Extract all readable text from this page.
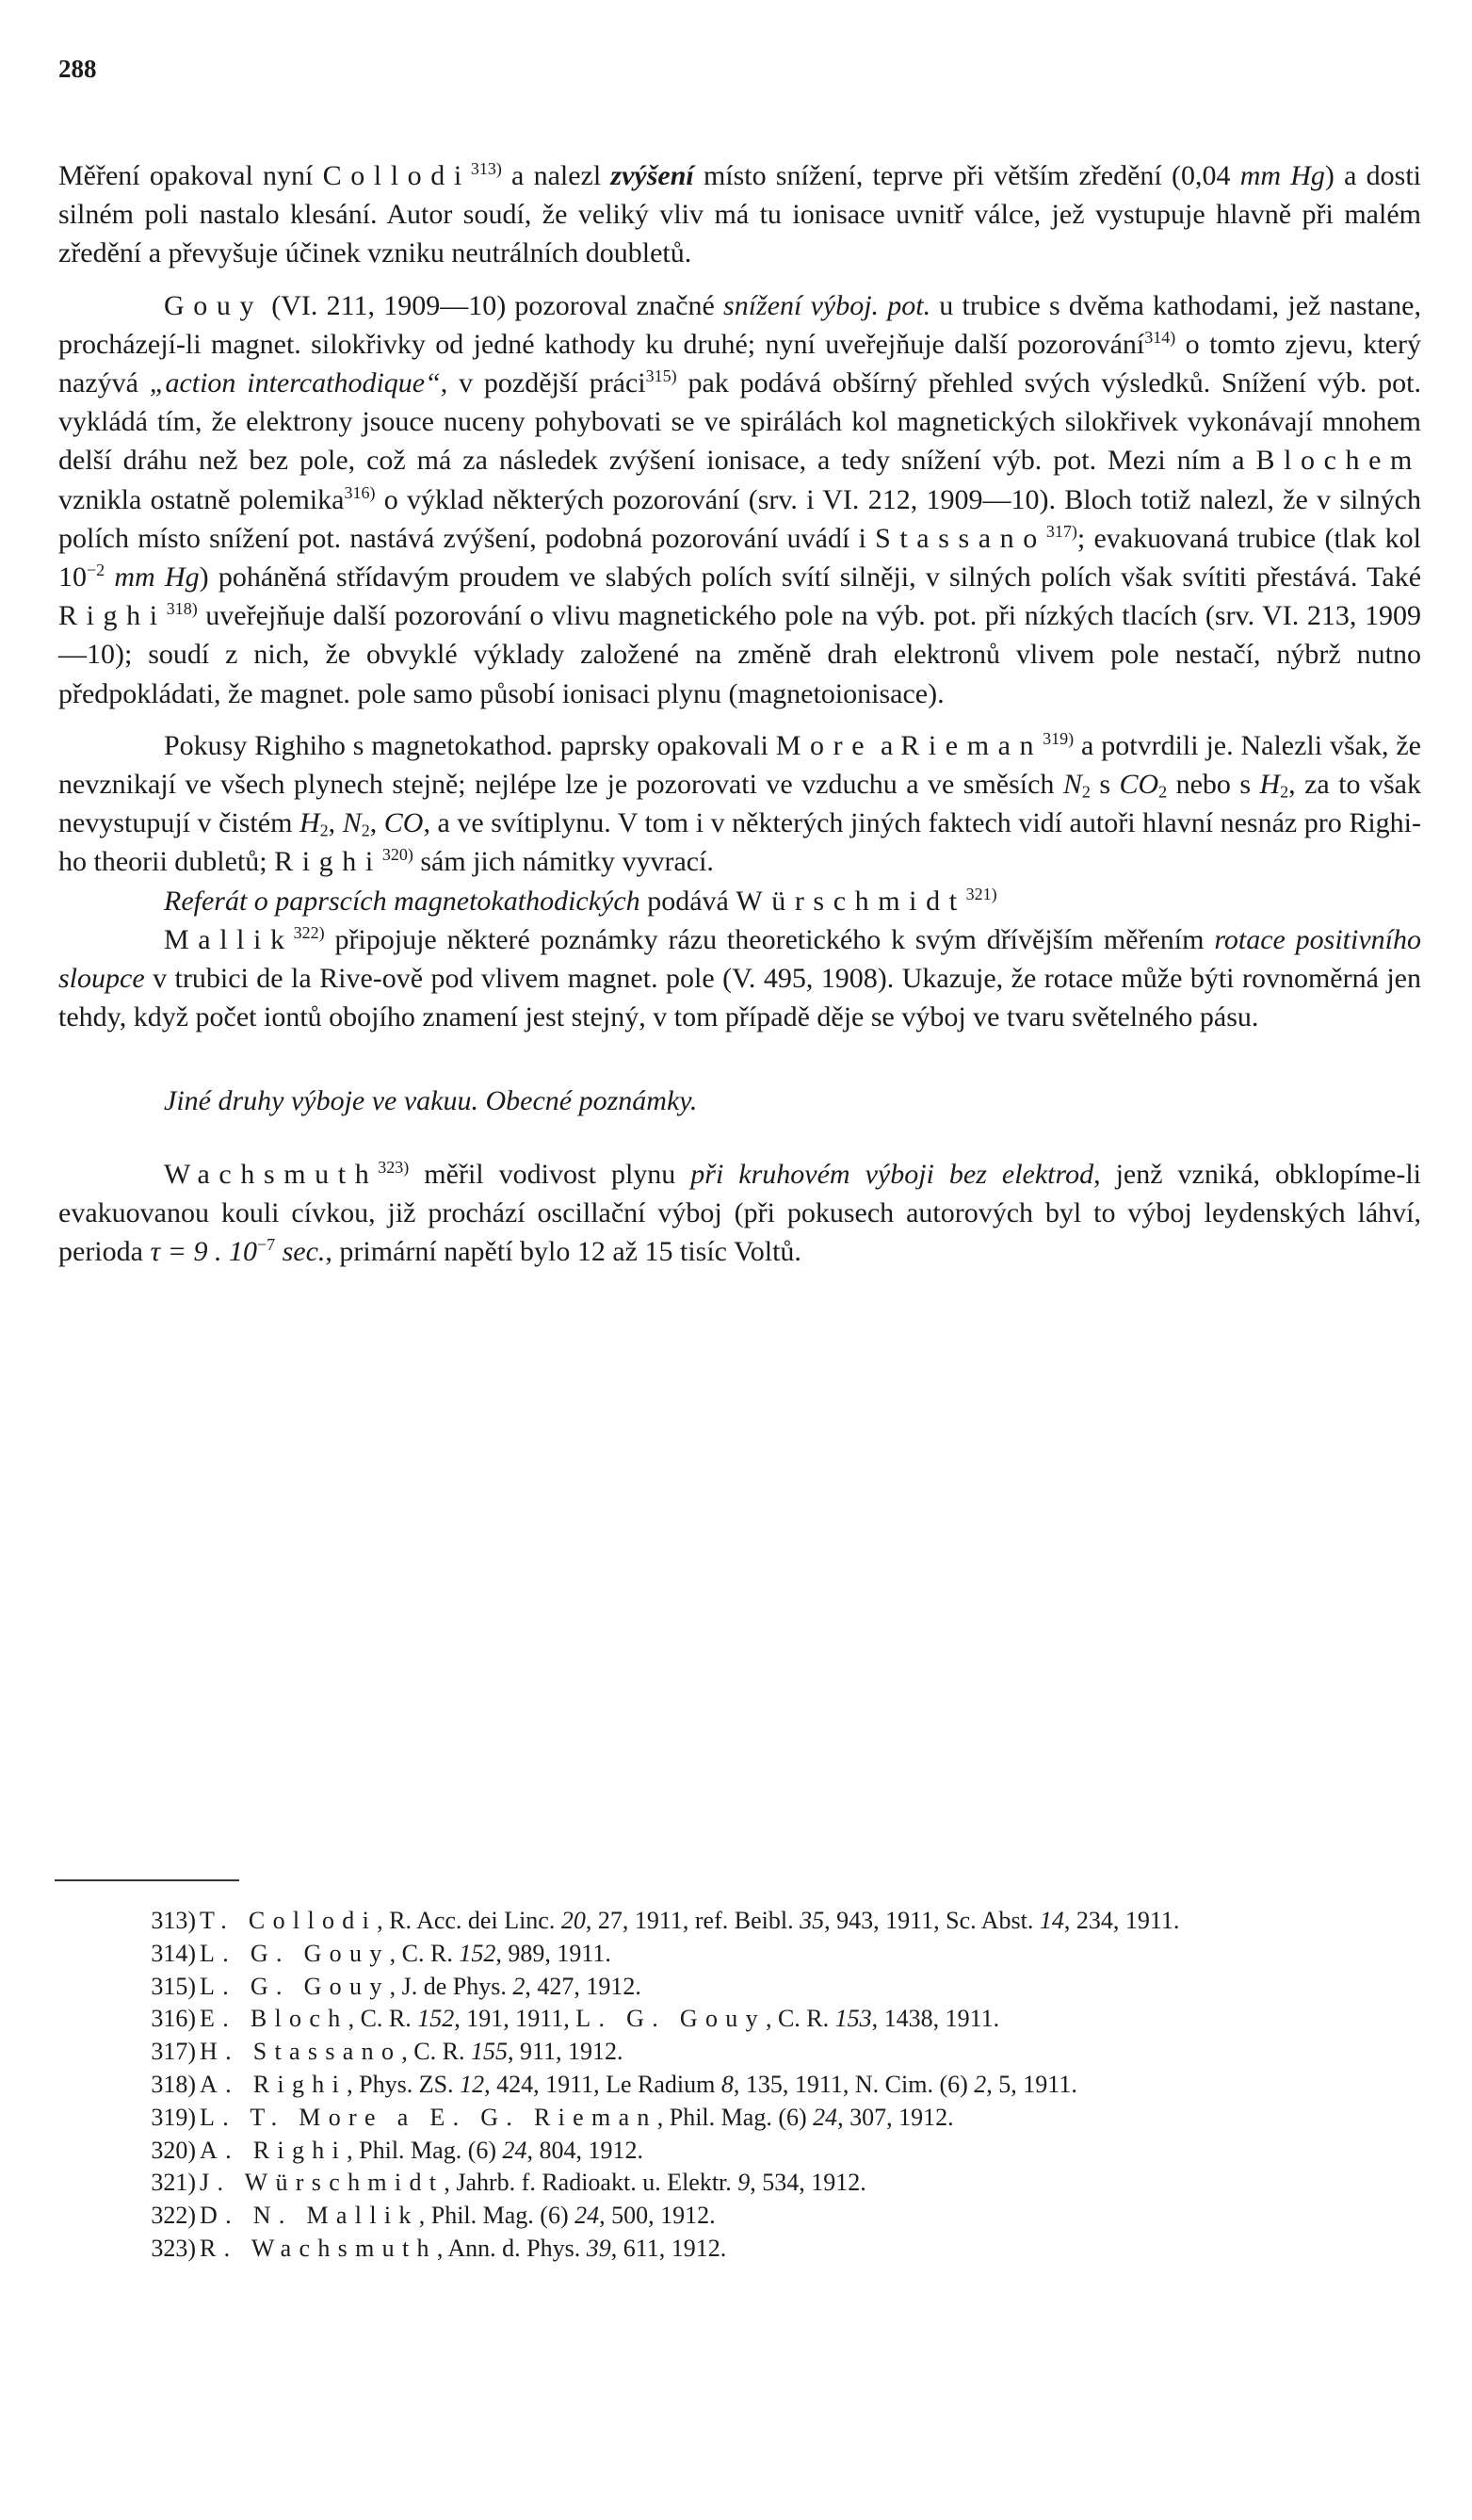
288

Měření opakoval nyní Collodi$^{313)}$ a nalezl zvýšení místo snížení, teprve při větším zředění (0,04 mm Hg) a dosti silném poli nastalo klesání. Autor soudí, že veliký vliv má tu ionisace uvnitř válce, jež vystupuje hlavně při malém zředění a převyšuje účinek vzniku neutrálních doubletů.

Gouy (VI. 211, 1909—10) pozoroval značné snížení výboj. pot. u trubice s dvěma kathodami, jež nastane, procházejí-li magnet. silokřivky od jedné kathody ku druhé; nyní uveřejňuje další pozorování$^{314)}$ o tomto zjevu, který nazývá „action intercathodique“, v pozdější práci$^{315)}$ pak podává obšírný přehled svých výsledků. Snížení výb. pot. vykládá tím, že elektrony jsouce nuceny pohybovati se ve spirálách kol magnetických silokřivek vykonávají mnohem delší dráhu než bez pole, což má za následek zvýšení ionisace, a tedy snížení výb. pot. Mezi ním a Blochem vznikla ostatně polemika$^{316)}$ o výklad některých pozorování (srv. i VI. 212, 1909—10). Bloch totiž nalezl, že v silných polích místo snížení pot. nastává zvýšení, podobná pozorování uvádí i Stassano$^{317)}$; evakuovaná trubice (tlak kol $10^{-2}$ mm Hg) poháněná střídavým proudem ve slabých polích svítí silněji, v silných polích však svítiti přestává. Také Righi$^{318)}$ uveřejňuje další pozorování o vlivu magnetického pole na výb. pot. při nízkých tlacích (srv. VI. 213, 1909—10); soudí z nich, že obvyklé výklady založené na změně drah elektronů vlivem pole nestačí, nýbrž nutno předpokládati, že magnet. pole samo působí ionisaci plynu (magnetoionisace).

Pokusy Righiho s magnetokathod. paprsky opakovali More a Rieman$^{319)}$ a potvrdili je. Nalezli však, že nevznikají ve všech plynech stejně; nejlépe lze je pozorovati ve vzduchu a ve směsích $N_2$ s $CO_2$ nebo s $H_2$, za to však nevystupují v čistém $H_2$, $N_2$, CO, a ve svítiplynu. V tom i v některých jiných faktech vidí autoři hlavní nesnáz pro Righi-ho theorii dubletů; Righi$^{320)}$ sám jich námitky vyvrací.

Referát o paprscích magnetokathodických podává Würschmidt$^{321)}$

Mallik$^{322)}$ připojuje některé poznámky rázu theoretického k svým dřívějším měřením rotace positivního sloupce v trubici de la Rive-ově pod vlivem magnet. pole (V. 495, 1908). Ukazuje, že rotace může býti rovnoměrná jen tehdy, když počet iontů obojího znamení jest stejný, v tom případě děje se výboj ve tvaru světelného pásu.

Jiné druhy výboje ve vakuu. Obecné poznámky.

Wachsmuth$^{323)}$ měřil vodivost plynu při kruhovém výboji bez elektrod, jenž vzniká, obklopíme-li evakuovanou kouli cívkou, již prochází oscillační výboj (při pokusech autorových byl to výboj leydenských láhví, perioda τ = 9 . $10^{-7}$ sec., primární napětí bylo 12 až 15 tisíc Voltů.

313) T. Collodi, R. Acc. dei Linc. 20, 27, 1911, ref. Beibl. 35, 943, 1911, Sc. Abst. 14, 234, 1911.

314) L. G. Gouy, C. R. 152, 989, 1911.

315) L. G. Gouy, J. de Phys. 2, 427, 1912.

316) E. Bloch, C. R. 152, 191, 1911, L. G. Gouy, C. R. 153, 1438, 1911.

317) H. Stassano, C. R. 155, 911, 1912.

318) A. Righi, Phys. ZS. 12, 424, 1911, Le Radium 8, 135, 1911, N. Cim. (6) 2, 5, 1911.

319) L. T. More a E. G. Rieman, Phil. Mag. (6) 24, 307, 1912.

320) A. Righi, Phil. Mag. (6) 24, 804, 1912.

321) J. Würschmidt, Jahrb. f. Radioakt. u. Elektr. 9, 534, 1912.

322) D. N. Mallik, Phil. Mag. (6) 24, 500, 1912.

323) R. Wachsmuth, Ann. d. Phys. 39, 611, 1912.
